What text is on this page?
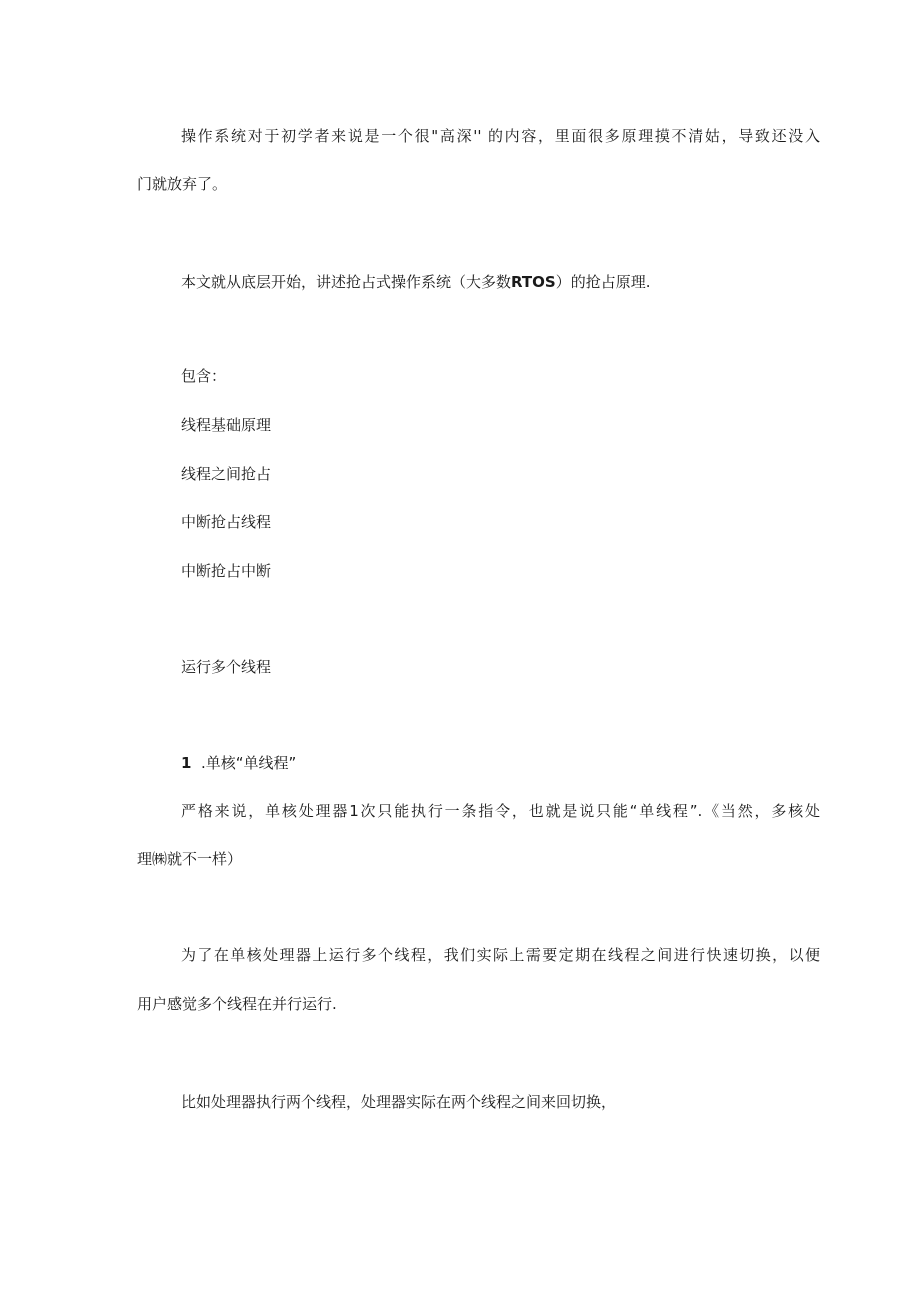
操作系统对于初学者来说是一个很"高深'' 的内容，里面很多原理摸不清姑，导致还没入

门就放弃了。

本文就从底层开始，讲述抢占式操作系统（大多数RTOS）的抢占原理.

包含：

线程基础原理

线程之间抢占

中断抢占线程

中断抢占中断

运行多个线程

1 .单核“单线程”

严格来说，单核处理器1次只能执行一条指令，也就是说只能“单线程”.《当然，多核处

理㈱就不一样）

为了在单核处理器上运行多个线程，我们实际上需要定期在线程之间进行快速切换，以便

用户感觉多个线程在并行运行.

比如处理器执行两个线程，处理器实际在两个线程之间来回切换，
